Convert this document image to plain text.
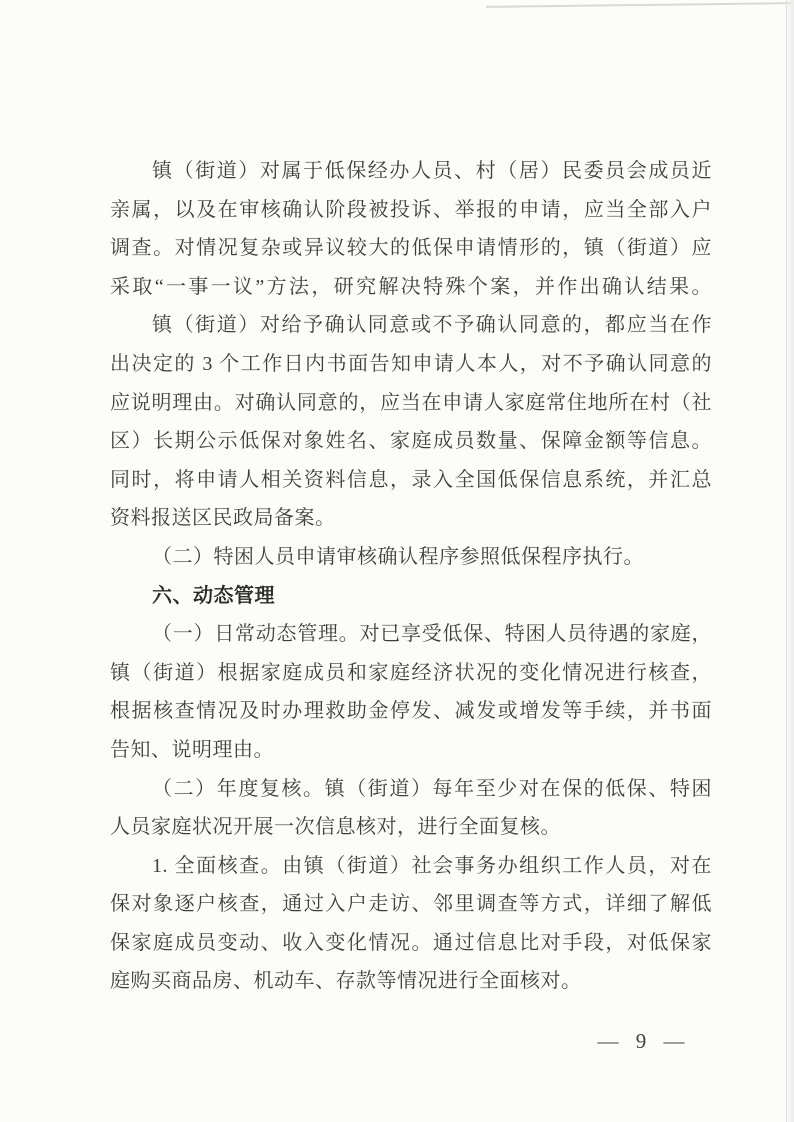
镇（街道）对属于低保经办人员、村（居）民委员会成员近
亲属，以及在审核确认阶段被投诉、举报的申请，应当全部入户
调查。对情况复杂或异议较大的低保申请情形的，镇（街道）应
采取“一事一议”方法，研究解决特殊个案，并作出确认结果。
镇（街道）对给予确认同意或不予确认同意的，都应当在作
出决定的 3 个工作日内书面告知申请人本人，对不予确认同意的
应说明理由。对确认同意的，应当在申请人家庭常住地所在村（社
区）长期公示低保对象姓名、家庭成员数量、保障金额等信息。
同时，将申请人相关资料信息，录入全国低保信息系统，并汇总
资料报送区民政局备案。
（二）特困人员申请审核确认程序参照低保程序执行。
六、动态管理
（一）日常动态管理。对已享受低保、特困人员待遇的家庭，
镇（街道）根据家庭成员和家庭经济状况的变化情况进行核查，
根据核查情况及时办理救助金停发、减发或增发等手续，并书面
告知、说明理由。
（二）年度复核。镇（街道）每年至少对在保的低保、特困
人员家庭状况开展一次信息核对，进行全面复核。
1. 全面核查。由镇（街道）社会事务办组织工作人员，对在
保对象逐户核查，通过入户走访、邻里调查等方式，详细了解低
保家庭成员变动、收入变化情况。通过信息比对手段，对低保家
庭购买商品房、机动车、存款等情况进行全面核对。
— 9 —
